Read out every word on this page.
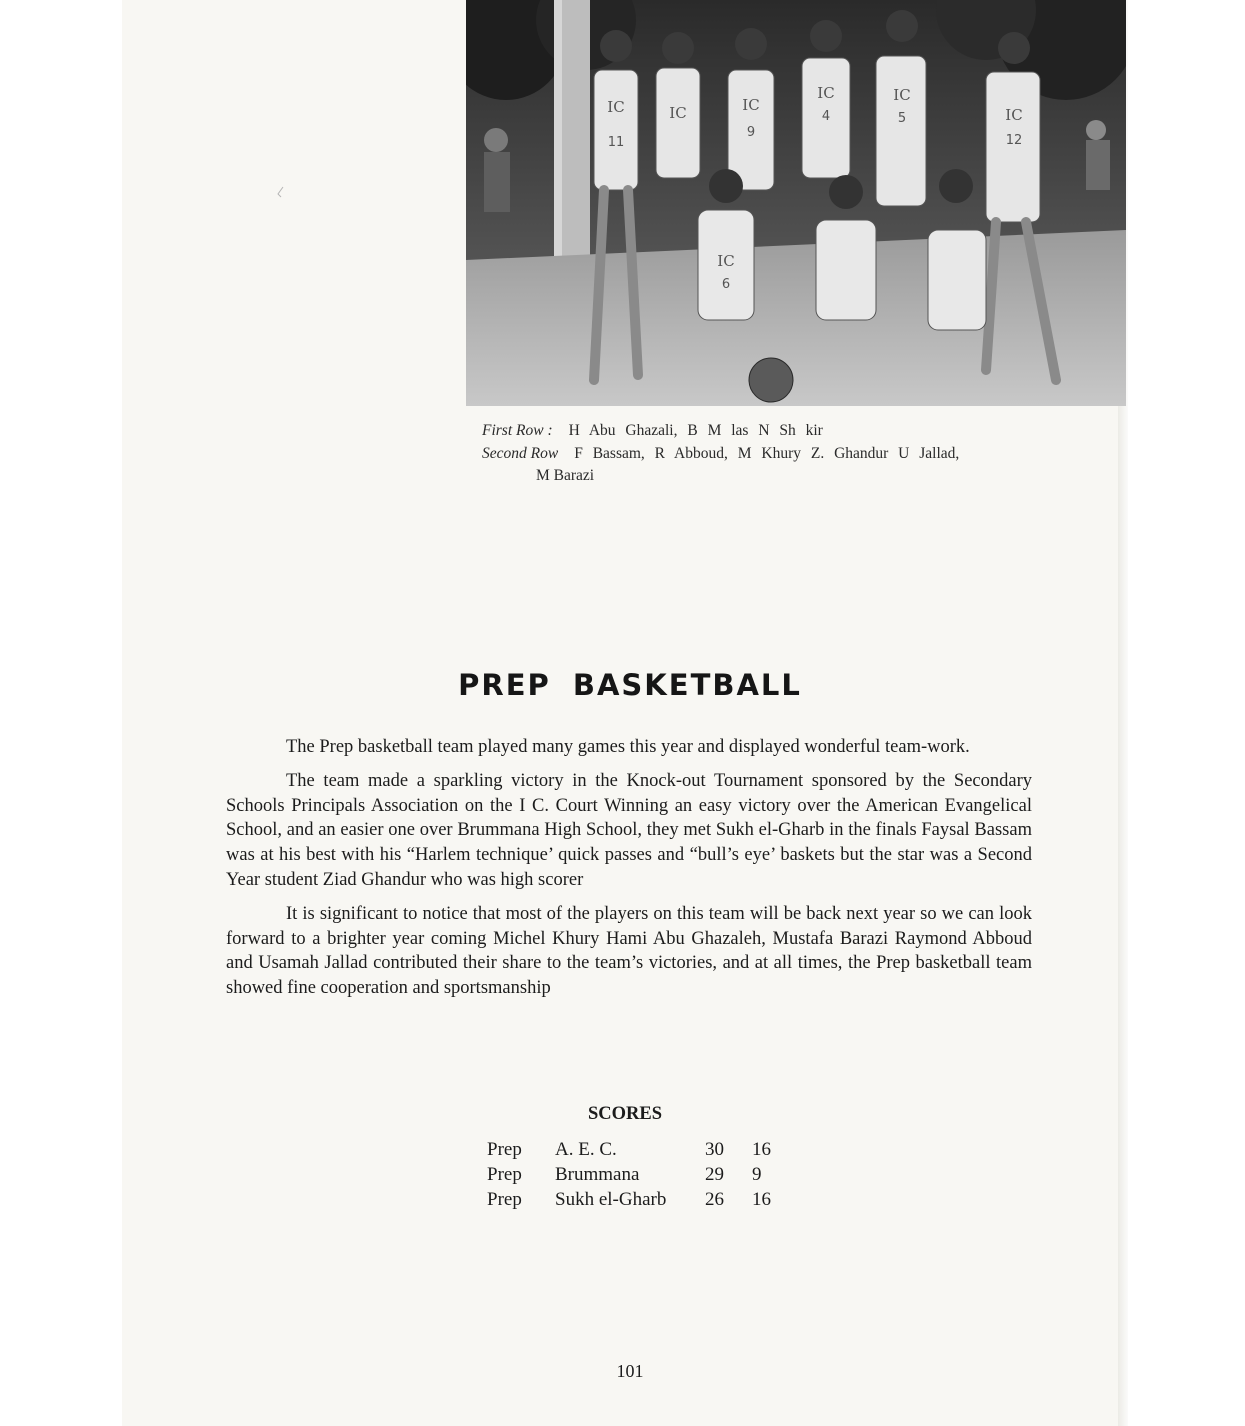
IC	IC	IC
IC	IC
IC
IC
11
9
4	5
12
6
First Row : H Abu Ghazali, B M las N Sh kir
Second Row F Bassam, R Abboud, M Khury Z. Ghandur U Jallad,
M Barazi
PREP BASKETBALL

The Prep basketball team played many games this year and displayed wonderful team-work.

The team made a sparkling victory in the Knock-out Tournament sponsored by the Secondary Schools Principals Association on the I C. Court Winning an easy victory over the American Evangelical School, and an easier one over Brummana High School, they met Sukh el-Gharb in the finals Faysal Bassam was at his best with his “Harlem technique’ quick passes and “bull’s eye’ baskets but the star was a Second Year student Ziad Ghandur who was high scorer

It is significant to notice that most of the players on this team will be back next year so we can look forward to a brighter year coming Michel Khury Hami Abu Ghazaleh, Mustafa Barazi Raymond Abboud and Usamah Jallad contributed their share to the team’s victories, and at all times, the Prep basketball team showed fine cooperation and sportsmanship

SCORES
Prep	A. E. C.	30	16
Prep	Brummana	29	9
Prep	Sukh el-Gharb	26	16
101
